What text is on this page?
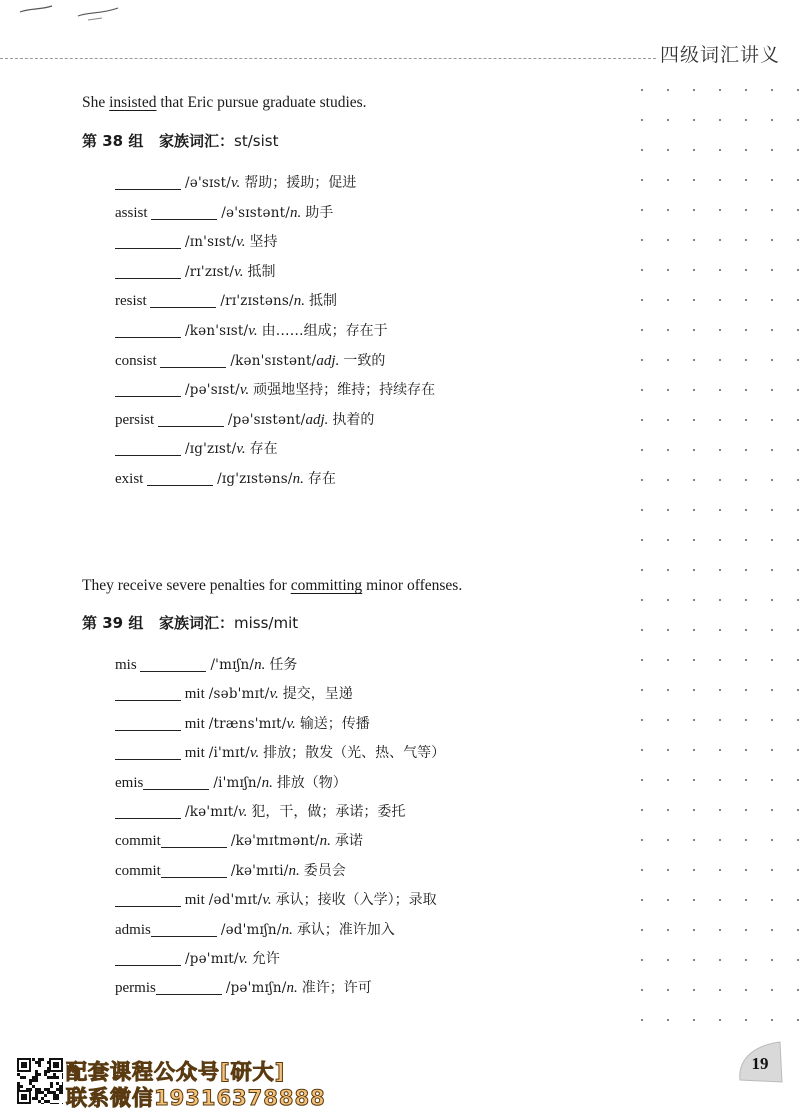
四级词汇讲义
She insisted that Eric pursue graduate studies.
第 38 组 家族词汇：st/sist
/ə'sɪst/v. 帮助；援助；促进
assist	/ə'sɪstənt/n. 助手
/ɪn'sɪst/v. 坚持
/rɪ'zɪst/v. 抵制
resist	/rɪ'zɪstəns/n. 抵制
/kən'sɪst/v. 由……组成；存在于
consist	/kən'sɪstənt/adj. 一致的
/pə'sɪst/v. 顽强地坚持；维持；持续存在
persist	/pə'sɪstənt/adj. 执着的
/ɪg'zɪst/v. 存在
exist	/ɪg'zɪstəns/n. 存在
They receive severe penalties for committing minor offenses.
第 39 组 家族词汇：miss/mit
mis	/'mɪʃn/n. 任务
mit /səb'mɪt/v. 提交，呈递
mit /træns'mɪt/v. 输送；传播
mit /i'mɪt/v. 排放；散发（光、热、气等）
emis	/i'mɪʃn/n. 排放（物）
/kə'mɪt/v. 犯，干，做；承诺；委托
commit	/kə'mɪtmənt/n. 承诺
commit	/kə'mɪti/n. 委员会
mit /əd'mɪt/v. 承认；接收（入学）；录取
admis	/əd'mɪʃn/n. 承认；准许加入
/pə'mɪt/v. 允许
permis	/pə'mɪʃn/n. 准许；许可
配套课程公众号[研大]
联系微信19316378888
19
